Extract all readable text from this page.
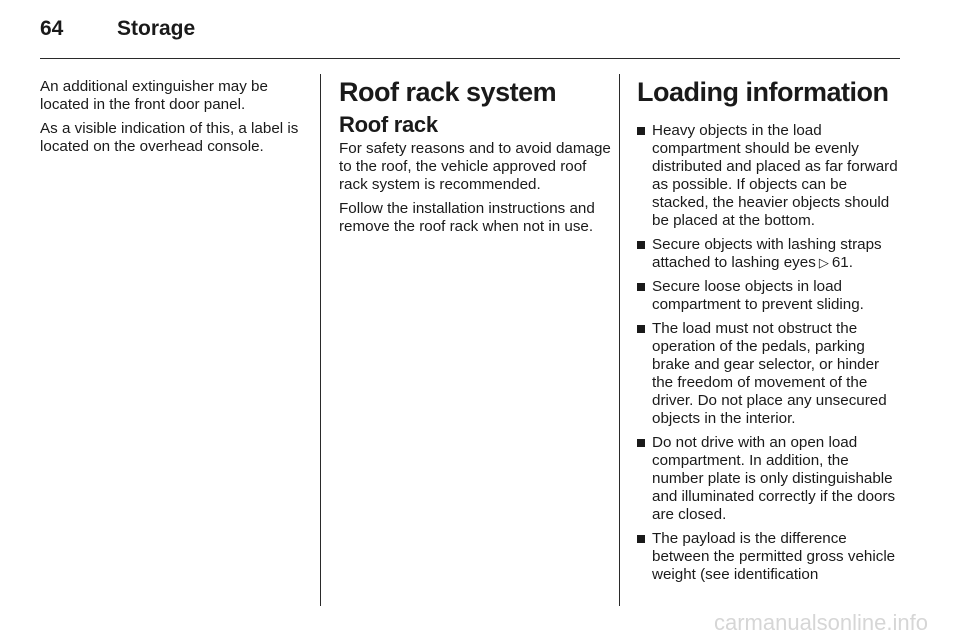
64	Storage

An additional extinguisher may be located in the front door panel.

As a visible indication of this, a label is located on the overhead console.

Roof rack system
Roof rack

For safety reasons and to avoid damage to the roof, the vehicle approved roof rack system is recommended.

Follow the installation instructions and remove the roof rack when not in use.

Loading information
Heavy objects in the load compartment should be evenly distributed and placed as far forward as possible. If objects can be stacked, the heavier objects should be placed at the bottom.
Secure objects with lashing straps attached to lashing eyes ▷ 61.
Secure loose objects in load compartment to prevent sliding.
The load must not obstruct the operation of the pedals, parking brake and gear selector, or hinder the freedom of movement of the driver. Do not place any unsecured objects in the interior.
Do not drive with an open load compartment. In addition, the number plate is only distinguishable and illuminated correctly if the doors are closed.
The payload is the difference between the permitted gross vehicle weight (see identification
carmanualsonline.info
